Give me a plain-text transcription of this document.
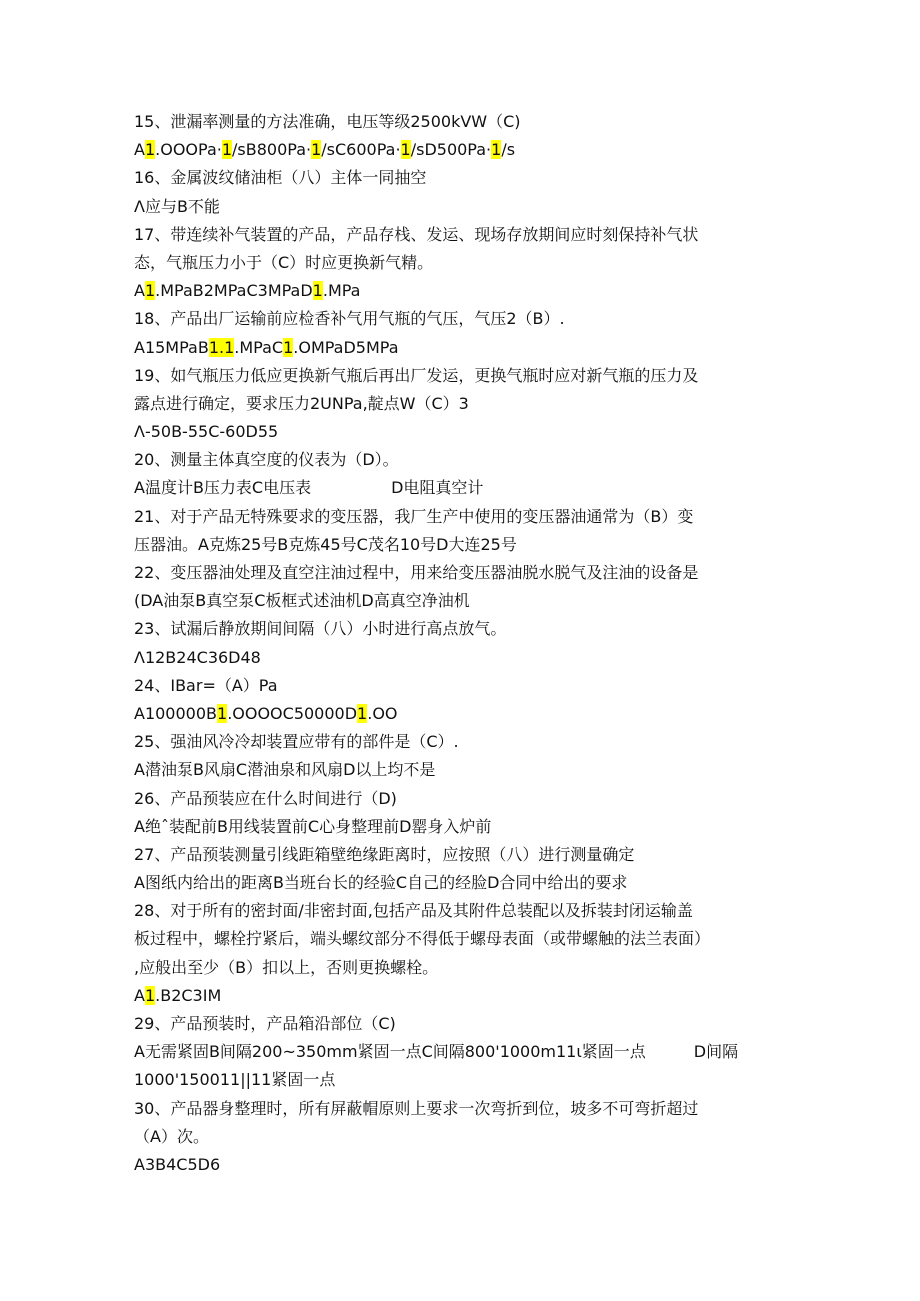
15、泄漏率测量的方法准确，电压等级2500kVW（C)
A1.OOOPa·1∕sB800Pa·1∕sC600Pa·1∕sD500Pa·1∕s
16、金属波纹储油柜（八）主体一同抽空
Λ应与B不能
17、带连续补气装置的产品，产品存栈、发运、现场存放期间应时刻保持补气状
态，气瓶压力小于（C）时应更换新气精。
A1.MPaB2MPaC3MPaD1.MPa
18、产品出厂运输前应检香补气用气瓶的气压，气压2（B）.
A15MPaB1.1.MPaC1.OMPaD5MPa
19、如气瓶压力低应更换新气瓶后再出厂发运，更换气瓶时应对新气瓶的压力及
露点进行确定，要求压力2UNPa,靛点W（C）3
Λ-50B-55C-60D55
20、测量主体真空度的仪表为（D）。
A温度计B压力表C电压表　　　　　D电阻真空计
21、对于产品无特殊要求的变压器，我厂生产中使用的变压器油通常为（B）变
压器油。A克炼25号B克炼45号C茂名10号D大连25号
22、变压器油处理及直空注油过程中，用来给变压器油脱水脱气及注油的设备是
(DA油泵B真空泵C板框式述油机D高真空净油机
23、试漏后静放期间间隔（八）小时进行高点放气。
Λ12B24C36D48
24、IBar=（A）Pa
A100000B1.OOOOC50000D1.OO
25、强油风冷冷却装置应带有的部件是（C）.
A潜油泵B风扇C潜油泉和风扇D以上均不是
26、产品预装应在什么时间进行（D)
A绝ˆ装配前B用线装置前C心身整理前D罂身入炉前
27、产品预装测量引线距箱壁绝缘距离时，应按照（八）进行测量确定
A图纸内给出的距离B当班台长的经验C自己的经脸D合同中给出的要求
28、对于所有的密封面/非密封面,包括产品及其附件总装配以及拆装封闭运输盖
板过程中，螺栓拧紧后，端头螺纹部分不得低于螺母表面（或带螺触的法兰表面）
,应般出至少（B）扣以上，否则更换螺栓。
A1.B2C3IM
29、产品预装时，产品箱沿部位（C)
A无需紧固B间隔200~350mm紧固一点C间隔800'1000m11ι紧固一点　　　D间隔
1000'150011||11紧固一点
30、产品器身整理时，所有屏蔽帽原则上要求一次弯折到位，坡多不可弯折超过
（A）次。
A3B4C5D6
